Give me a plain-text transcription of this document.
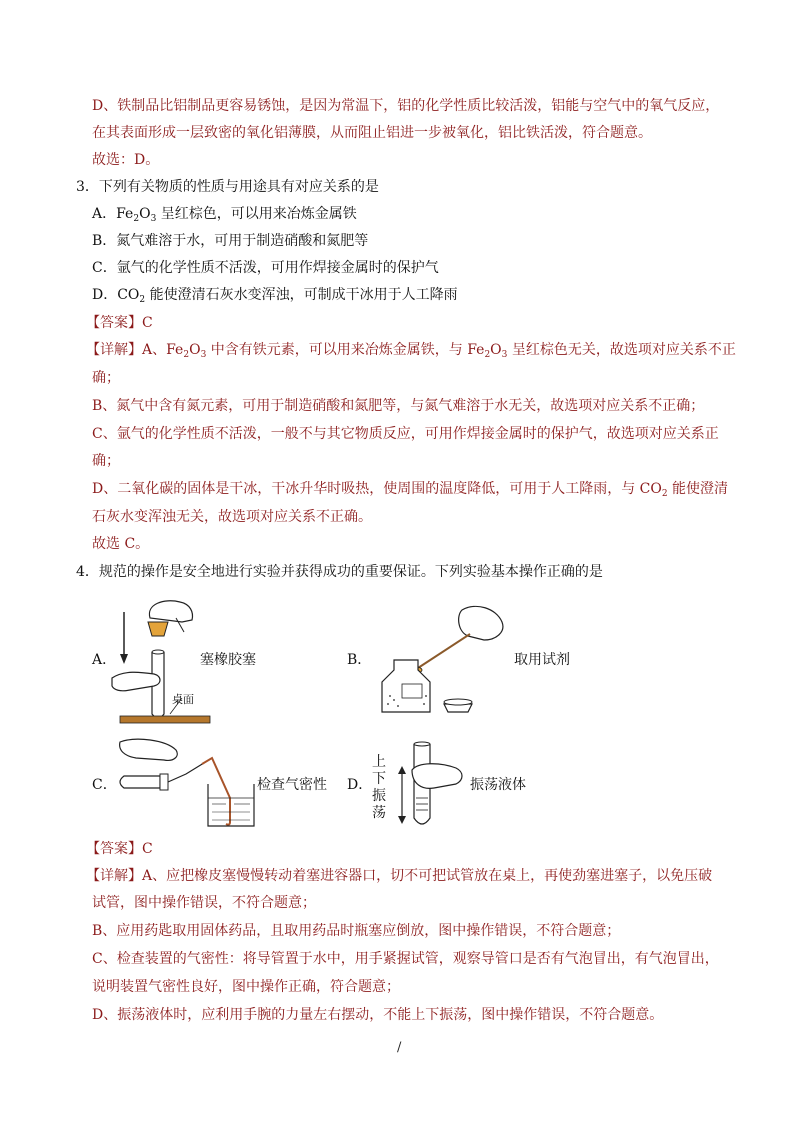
D、铁制品比铝制品更容易锈蚀，是因为常温下，铝的化学性质比较活泼，铝能与空气中的氧气反应，
在其表面形成一层致密的氧化铝薄膜，从而阻止铝进一步被氧化，铝比铁活泼，符合题意。
故选：D。
3．下列有关物质的性质与用途具有对应关系的是
A．$Fe_2O_3$ 呈红棕色，可以用来冶炼金属铁
B．氮气难溶于水，可用于制造硝酸和氮肥等
C．氩气的化学性质不活泼，可用作焊接金属时的保护气
D．$CO_2$ 能使澄清石灰水变浑浊，可制成干冰用于人工降雨
【答案】C
【详解】A、$Fe_2O_3$ 中含有铁元素，可以用来冶炼金属铁，与 $Fe_2O_3$ 呈红棕色无关，故选项对应关系不正
确；
B、氮气中含有氮元素，可用于制造硝酸和氮肥等，与氮气难溶于水无关，故选项对应关系不正确；
C、氩气的化学性质不活泼，一般不与其它物质反应，可用作焊接金属时的保护气，故选项对应关系正
确；
D、二氧化碳的固体是干冰，干冰升华时吸热，使周围的温度降低，可用于人工降雨，与 $CO_2$ 能使澄清
石灰水变浑浊无关，故选项对应关系不正确。
故选 C。
4．规范的操作是安全地进行实验并获得成功的重要保证。下列实验基本操作正确的是
A．
桌面
塞橡胶塞	B．	取用试剂
C．	检查气密性 D．
上
下
振
荡
振荡液体
【答案】C
【详解】A、应把橡皮塞慢慢转动着塞进容器口，切不可把试管放在桌上，再使劲塞进塞子，以免压破
试管，图中操作错误，不符合题意；
B、应用药匙取用固体药品，且取用药品时瓶塞应倒放，图中操作错误，不符合题意；
C、检查装置的气密性：将导管置于水中，用手紧握试管，观察导管口是否有气泡冒出，有气泡冒出，
说明装置气密性良好，图中操作正确，符合题意；
D、振荡液体时，应利用手腕的力量左右摆动，不能上下振荡，图中操作错误，不符合题意。
/
